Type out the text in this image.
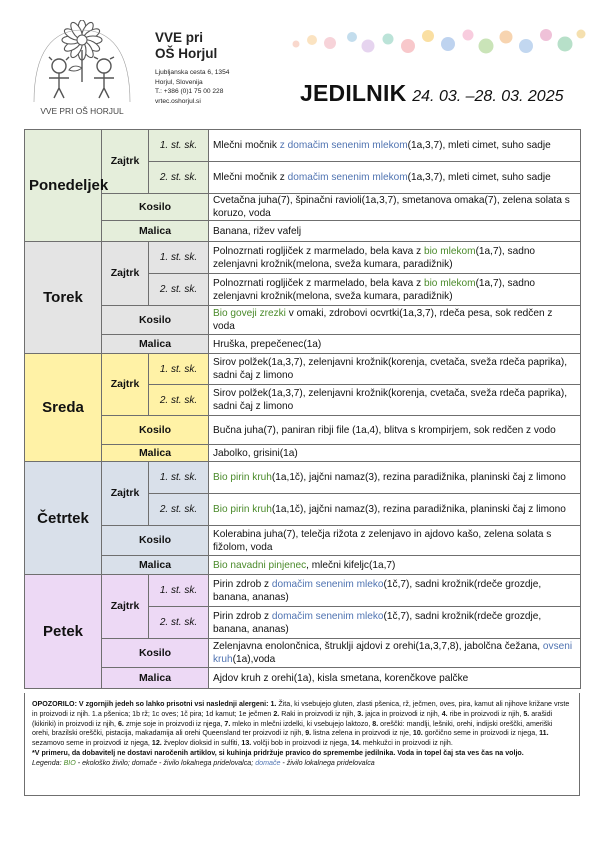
VVE PRI OŠ HORJUL
VVE pri
OŠ Horjul
Ljubljanska cesta 6, 1354
Horjul, Slovenija
T.: +386 (0)1 75 00 228
vrtec.oshorjul.si	JEDILNIK 24. 03. –28. 03. 2025
Ponedeljek	Zajtrk	1. st. sk.	Mlečni močnik z domačim senenim mlekom(1a,3,7), mleti cimet, suho sadje
		2. st. sk.	Mlečni močnik z domačim senenim mlekom(1a,3,7), mleti cimet, suho sadje
	Kosilo		Cvetačna juha(7), špinačni ravioli(1a,3,7), smetanova omaka(7), zelena solata s koruzo, voda
	Malica		Banana, rižev vafelj
Torek	Zajtrk	1. st. sk.	Polnozrnati rogljiček z marmelado, bela kava z bio mlekom(1a,7), sadno zelenjavni krožnik(melona, sveža kumara, paradižnik)
		2. st. sk.	Polnozrnati rogljiček z marmelado, bela kava z bio mlekom(1a,7), sadno zelenjavni krožnik(melona, sveža kumara, paradižnik)
	Kosilo		Bio goveji zrezki v omaki, zdrobovi ocvrtki(1a,3,7), rdeča pesa, sok redčen z voda
	Malica		Hruška, prepečenec(1a)
Sreda	Zajtrk	1. st. sk.	Sirov polžek(1a,3,7), zelenjavni krožnik(korenja, cvetača, sveža rdeča paprika), sadni čaj z limono
		2. st. sk.	Sirov polžek(1a,3,7), zelenjavni krožnik(korenja, cvetača, sveža rdeča paprika), sadni čaj z limono
	Kosilo		Bučna juha(7), paniran ribji file (1a,4), blitva s krompirjem, sok redčen z vodo
	Malica		Jabolko, grisini(1a)
Četrtek	Zajtrk	1. st. sk.	Bio pirin kruh(1a,1č), jajčni namaz(3), rezina paradižnika, planinski čaj z limono
		2. st. sk.	Bio pirin kruh(1a,1č), jajčni namaz(3), rezina paradižnika, planinski čaj z limono
	Kosilo		Kolerabina juha(7), telečja rižota z zelenjavo in ajdovo kašo, zelena solata s fižolom, voda
	Malica		Bio navadni pinjenec, mlečni kifeljc(1a,7)
Petek	Zajtrk	1. st. sk.	Pirin zdrob z domačim senenim mleko(1č,7), sadni krožnik(rdeče grozdje, banana, ananas)
		2. st. sk.	Pirin zdrob z domačim senenim mleko(1č,7), sadni krožnik(rdeče grozdje, banana, ananas)
	Kosilo		Zelenjavna enolončnica, štruklji ajdovi z orehi(1a,3,7,8), jabolčna čežana, ovseni kruh(1a),voda
	Malica		Ajdov kruh z orehi(1a), kisla smetana, korenčkove palčke
OPOZORILO: V zgornjih jedeh so lahko prisotni vsi naslednji alergeni: 1. Žita, ki vsebujejo gluten, zlasti pšenica, rž, ječmen, oves, pira, kamut ali njihove križane vrste in proizvodi iz njih. 1.a pšenica; 1b rž; 1c oves; 1č pira; 1d kamut; 1e ječmen 2. Raki in proizvodi iz njih, 3. jajca in proizvodi iz njih, 4. ribe in proizvodi iz njih, 5. arašidi (kikiriki) in proizvodi iz njih, 6. zrnje soje in proizvodi iz njega, 7. mleko in mlečni izdelki, ki vsebujejo laktozo, 8. oreščki: mandlji, lešniki, orehi, indijski oreščki, ameriški orehi, brazilski oreščki, pistacija, makadamija ali orehi Queensland ter proizvodi iz njih, 9. listna zelena in proizvodi iz nje, 10. gorčično seme in proizvodi iz njega, 11. sezamovo seme in proizvodi iz njega, 12. žveplov dioksid in sulfiti, 13. volčji bob in proizvodi iz njega, 14. mehkužci in proizvodi iz njih.
*V primeru, da dobavitelj ne dostavi naročenih artiklov, si kuhinja pridržuje pravico do spremembe jedilnika. Voda in topel čaj sta ves čas na voljo.
Legenda: BIO - ekološko živilo; domače - živilo lokalnega pridelovalca; domače - živilo lokalnega pridelovalca
